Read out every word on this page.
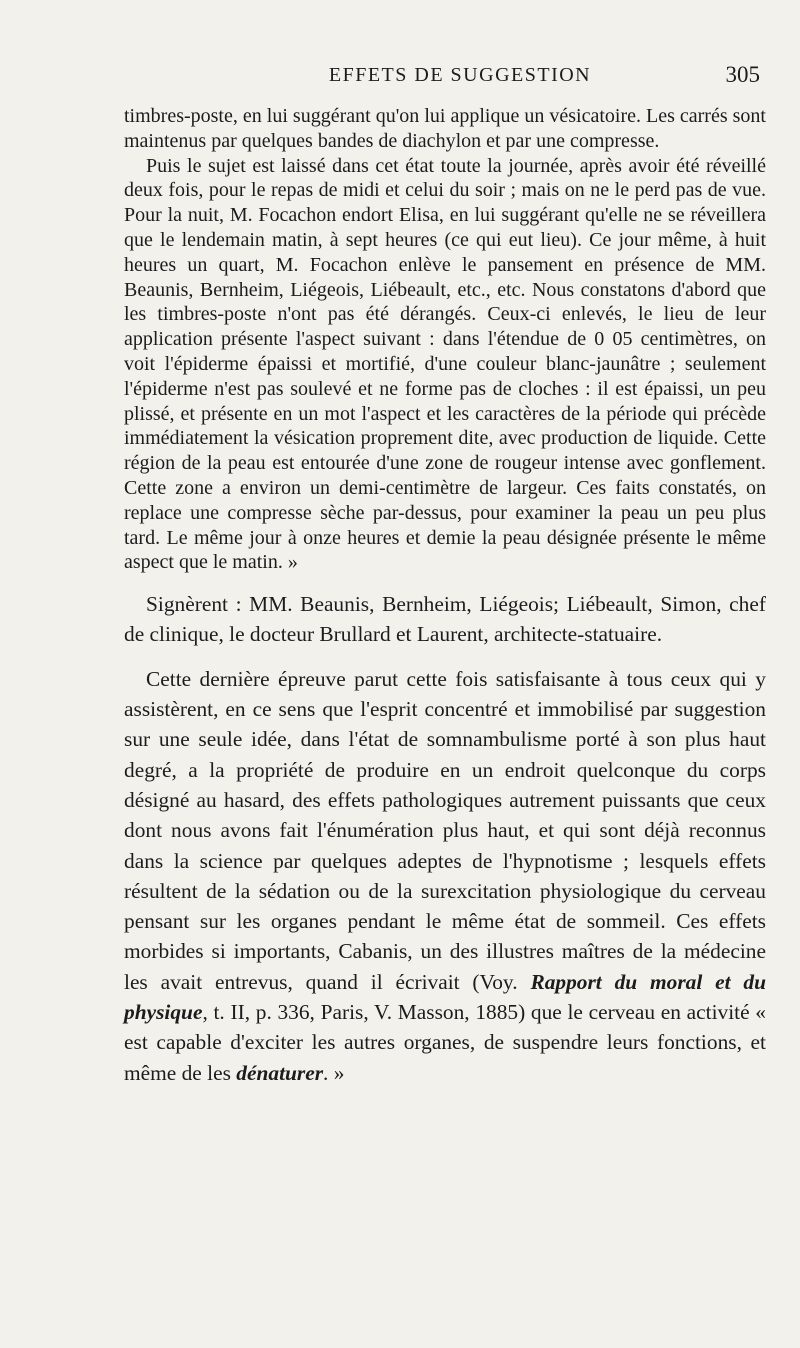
EFFETS DE SUGGESTION	305

timbres-poste, en lui suggérant qu'on lui applique un vésicatoire. Les carrés sont maintenus par quelques bandes de diachylon et par une compresse.

Puis le sujet est laissé dans cet état toute la journée, après avoir été réveillé deux fois, pour le repas de midi et celui du soir ; mais on ne le perd pas de vue. Pour la nuit, M. Focachon endort Elisa, en lui suggérant qu'elle ne se réveillera que le lendemain matin, à sept heures (ce qui eut lieu). Ce jour même, à huit heures un quart, M. Focachon enlève le pansement en présence de MM. Beaunis, Bernheim, Liégeois, Liébeault, etc., etc. Nous constatons d'abord que les timbres-poste n'ont pas été dérangés. Ceux-ci enlevés, le lieu de leur application présente l'aspect suivant : dans l'étendue de 0 05 centimètres, on voit l'épiderme épaissi et mortifié, d'une couleur blanc-jaunâtre ; seulement l'épiderme n'est pas soulevé et ne forme pas de cloches : il est épaissi, un peu plissé, et présente en un mot l'aspect et les caractères de la période qui précède immédiatement la vésication proprement dite, avec production de liquide. Cette région de la peau est entourée d'une zone de rougeur intense avec gonflement. Cette zone a environ un demi-centimètre de largeur. Ces faits constatés, on replace une compresse sèche par-dessus, pour examiner la peau un peu plus tard. Le même jour à onze heures et demie la peau désignée présente le même aspect que le matin. »

Signèrent : MM. Beaunis, Bernheim, Liégeois; Liébeault, Simon, chef de clinique, le docteur Brullard et Laurent, architecte-statuaire.

Cette dernière épreuve parut cette fois satisfaisante à tous ceux qui y assistèrent, en ce sens que l'esprit concentré et immobilisé par suggestion sur une seule idée, dans l'état de somnambulisme porté à son plus haut degré, a la propriété de produire en un endroit quelconque du corps désigné au hasard, des effets pathologiques autrement puissants que ceux dont nous avons fait l'énumération plus haut, et qui sont déjà reconnus dans la science par quelques adeptes de l'hypnotisme ; lesquels effets résultent de la sédation ou de la surexcitation physiologique du cerveau pensant sur les organes pendant le même état de sommeil. Ces effets morbides si importants, Cabanis, un des illustres maîtres de la médecine les avait entrevus, quand il écrivait (Voy. Rapport du moral et du physique, t. II, p. 336, Paris, V. Masson, 1885) que le cerveau en activité « est capable d'exciter les autres organes, de suspendre leurs fonctions, et même de les dénaturer. »
